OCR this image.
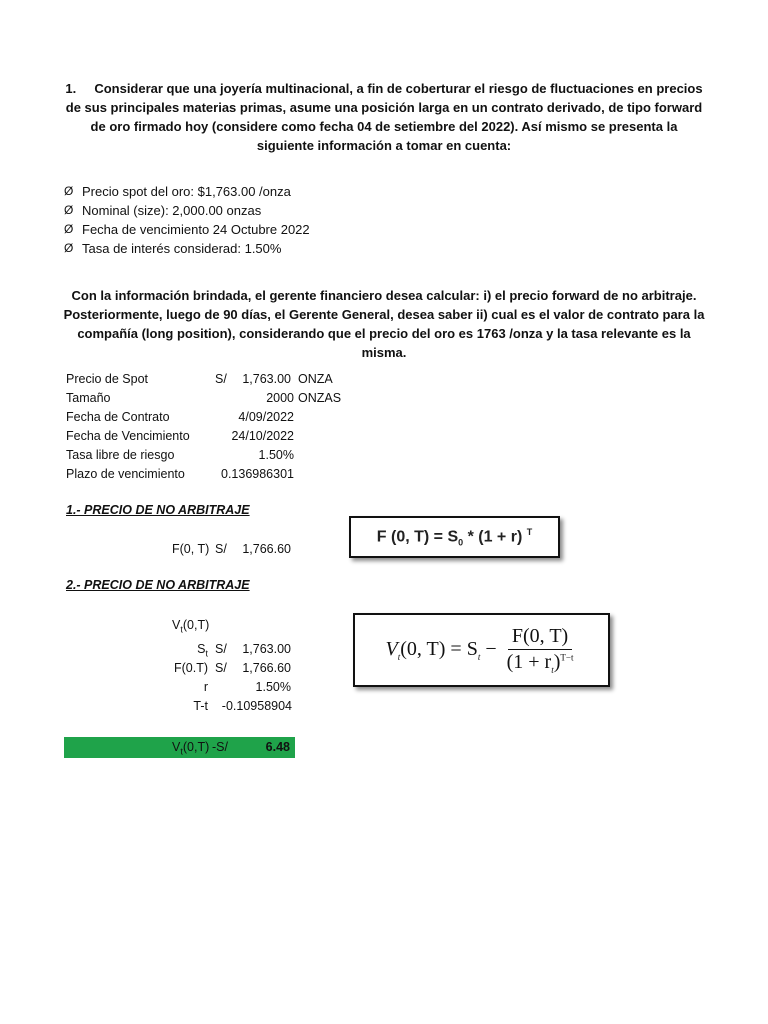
1. Considerar que una joyería multinacional, a fin de coberturar el riesgo de fluctuaciones en precios de sus principales materias primas, asume una posición larga en un contrato derivado, de tipo forward de oro firmado hoy (considere como fecha 04 de setiembre del 2022). Así mismo se presenta la siguiente información a tomar en cuenta:
Ø Precio spot del oro: $1,763.00 /onza
Ø Nominal (size): 2,000.00 onzas
Ø Fecha de vencimiento 24 Octubre 2022
Ø Tasa de interés considerad: 1.50%
Con la información brindada, el gerente financiero desea calcular: i) el precio forward de no arbitraje. Posteriormente, luego de 90 días, el Gerente General, desea saber ii) cual es el valor de contrato para la compañía (long position), considerando que el precio del oro es 1763 /onza y la tasa relevante es la misma.
Precio de Spot	S/	1,763.00 ONZA
Tamaño	2000 ONZAS
Fecha de Contrato	4/09/2022
Fecha de Vencimiento	24/10/2022
Tasa libre de riesgo	1.50%
Plazo de vencimiento	0.136986301
1.- PRECIO DE NO ARBITRAJE
F(0, T) S/	1,766.60
F (0, $T) = S_0 * (1 + r)$ $^T$
2.- PRECIO DE NO ARBITRAJE
$V_t(0,T)$
$S_t$ S/	1,763.00
F(0.T) S/	1,766.60
r	1.50%
T-t	-0.10958904
$V_t(0$, $T) = S_t - \frac{F(0, T)}{(1 + r_t)^{T-t}}$
$V_t(0,T)$ -S/	6.48
